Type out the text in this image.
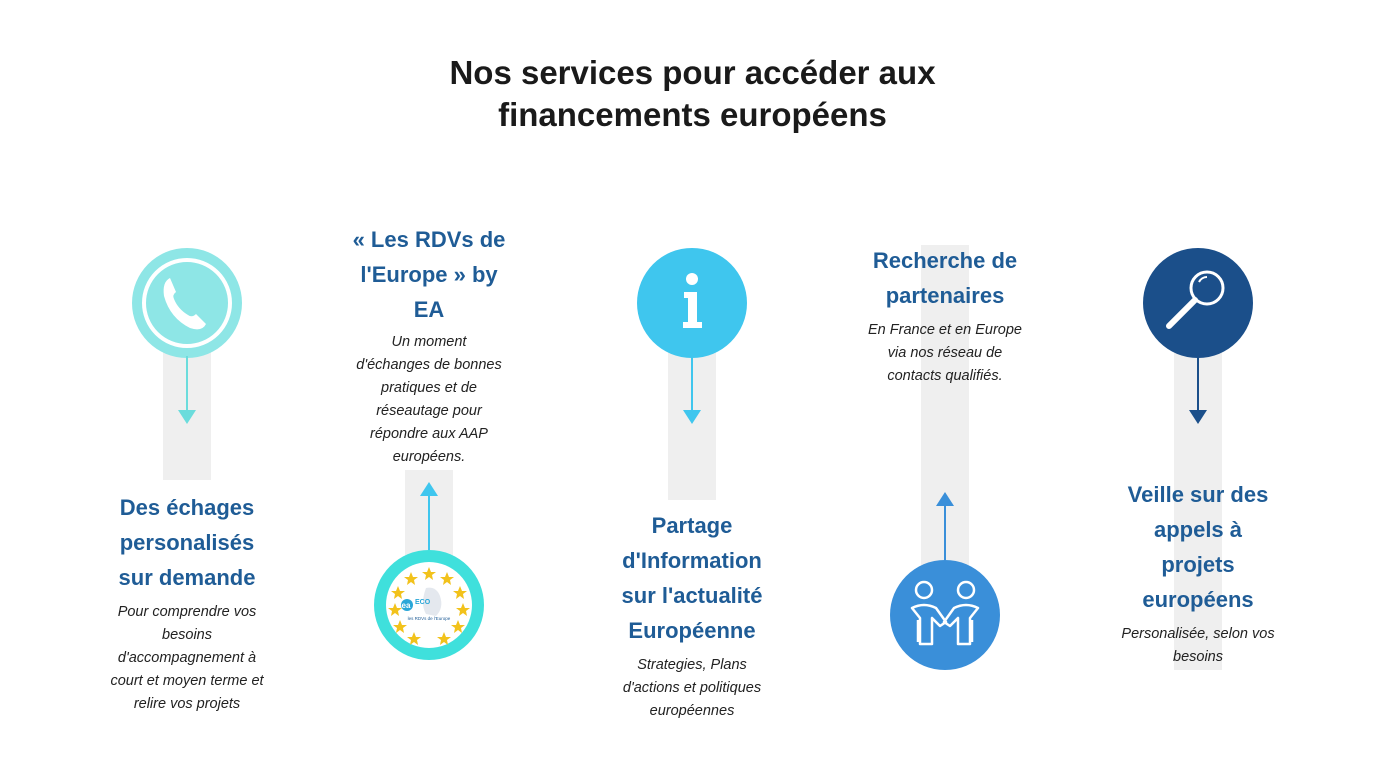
Nos services pour accéder aux
financements européens
Des échages
personalisés
sur demande
Pour comprendre vos
besoins
d'accompagnement à
court et moyen terme et
relire vos projets
« Les RDVs de
l'Europe » by
EA
Un moment
d'échanges de bonnes
pratiques et de
réseautage pour
répondre aux AAP
européens.
ea ECO
les RDVs de l'Europe
Partage
d'Information
sur l'actualité
Européenne
Strategies, Plans
d'actions et politiques
européennes
Recherche de
partenaires
En France et en Europe
via nos réseau de
contacts qualifiés.
Veille sur des
appels à
projets
européens
Personalisée, selon vos
besoins
